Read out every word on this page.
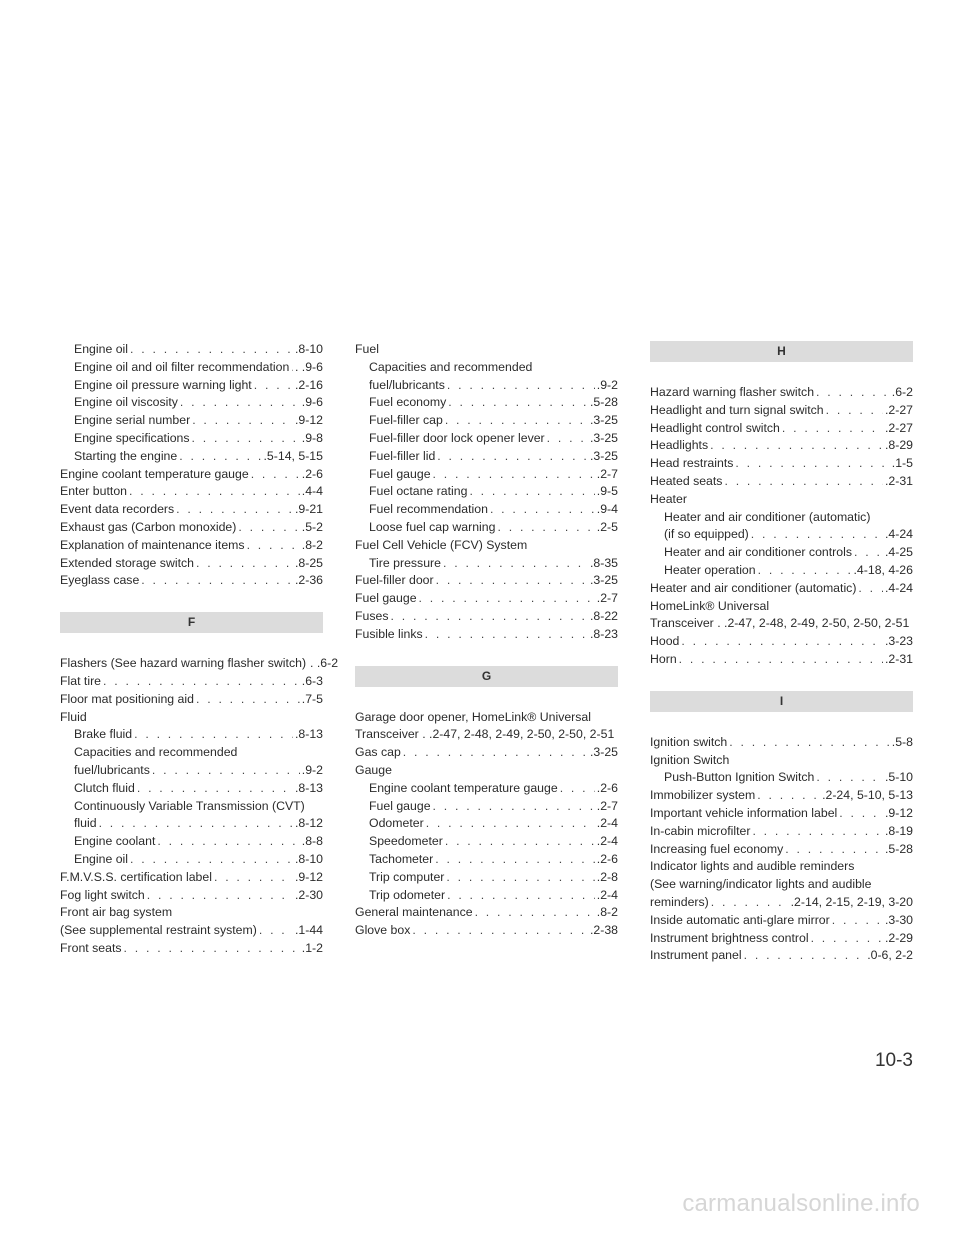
Engine oil . . .	.8-10
Engine oil and oil filter recommendation . . . . .9-6
Engine oil pressure warning light . . .	.2-16
Engine oil viscosity . . .	.9-6
Engine serial number . . .	.9-12
Engine specifications . . .	.9-8
Starting the engine . . .	.5-14, 5-15
Engine coolant temperature gauge . . .	.2-6
Enter button . . .	.4-4
Event data recorders . . .	.9-21
Exhaust gas (Carbon monoxide) . . .	.5-2
Explanation of maintenance items . . .	.8-2
Extended storage switch . . .	.8-25
Eyeglass case . . .	.2-36
F
Flashers (See hazard warning flasher switch) . .6-2
Flat tire . . .	.6-3
Floor mat positioning aid . . .	.7-5
Fluid
Brake fluid . . .	.8-13
Capacities and recommended
fuel/lubricants . . .	.9-2
Clutch fluid . . .	.8-13
Continuously Variable Transmission (CVT)
fluid . . .	.8-12
Engine coolant . . .	.8-8
Engine oil . . .	.8-10
F.M.V.S.S. certification label . . .	.9-12
Fog light switch . . .	.2-30
Front air bag system
(See supplemental restraint system) . . .	.1-44
Front seats . . .	.1-2
Fuel
Capacities and recommended
fuel/lubricants . . .	.9-2
Fuel economy . . .	.5-28
Fuel-filler cap . . .	.3-25
Fuel-filler door lock opener lever . . .	.3-25
Fuel-filler lid . . .	.3-25
Fuel gauge . . .	.2-7
Fuel octane rating . . .	.9-5
Fuel recommendation . . .	.9-4
Loose fuel cap warning . . .	.2-5
Fuel Cell Vehicle (FCV) System
Tire pressure . . .	.8-35
Fuel-filler door . . .	.3-25
Fuel gauge . . .	.2-7
Fuses . . .	.8-22
Fusible links . . .	.8-23
G
Garage door opener, HomeLink® Universal
Transceiver . .2-47, 2-48, 2-49, 2-50, 2-50, 2-51
Gas cap . . .	.3-25
Gauge
Engine coolant temperature gauge . . .	.2-6
Fuel gauge . . .	.2-7
Odometer . . .	.2-4
Speedometer . . .	.2-4
Tachometer . . .	.2-6
Trip computer . . .	.2-8
Trip odometer . . .	.2-4
General maintenance . . .	.8-2
Glove box . . .	.2-38
H
Hazard warning flasher switch . . .	.6-2
Headlight and turn signal switch . . .	.2-27
Headlight control switch . . .	.2-27
Headlights . . .	.8-29
Head restraints . . .	.1-5
Heated seats . . .	.2-31
Heater
Heater and air conditioner (automatic)
(if so equipped) . . .	.4-24
Heater and air conditioner controls . . .	.4-25
Heater operation . . .	.4-18, 4-26
Heater and air conditioner (automatic) . . . .4-24
HomeLink® Universal
Transceiver . .2-47, 2-48, 2-49, 2-50, 2-50, 2-51
Hood . . .	.3-23
Horn . . .	.2-31
I
Ignition switch . . .	.5-8
Ignition Switch
Push-Button Ignition Switch . . .	.5-10
Immobilizer system . . .	.2-24, 5-10, 5-13
Important vehicle information label . . .	.9-12
In-cabin microfilter . . .	.8-19
Increasing fuel economy . . .	.5-28
Indicator lights and audible reminders
(See warning/indicator lights and audible
reminders) . . .	.2-14, 2-15, 2-19, 3-20
Inside automatic anti-glare mirror . . .	.3-30
Instrument brightness control . . .	.2-29
Instrument panel . . .	.0-6, 2-2
10-3
carmanualsonline.info
